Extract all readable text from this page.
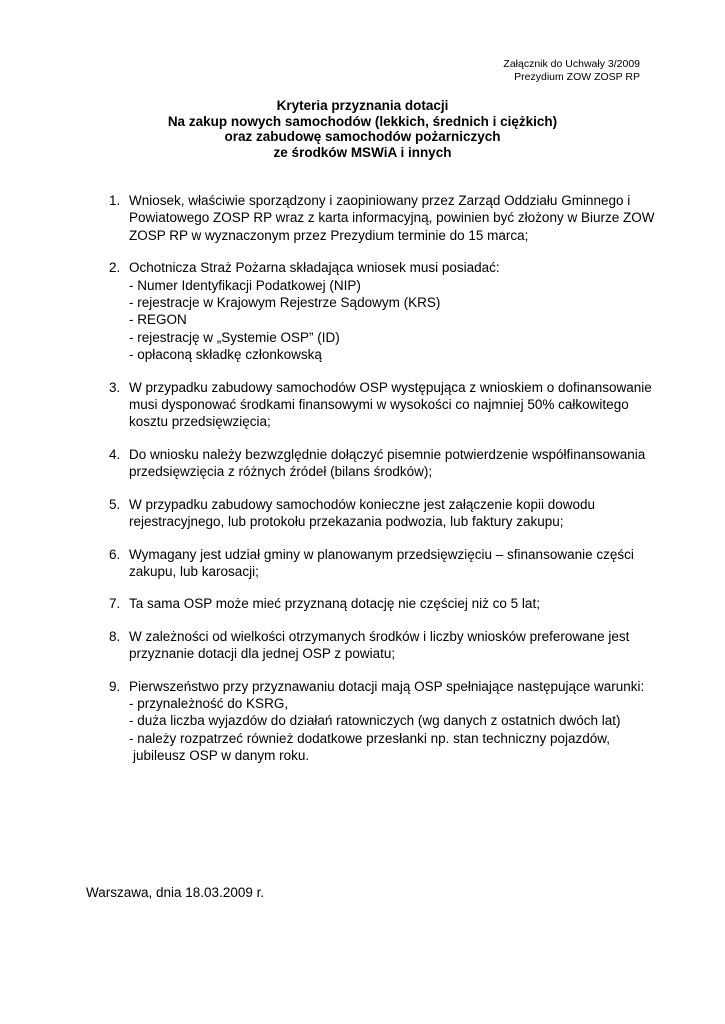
Załącznik do Uchwały 3/2009
Prezydium ZOW ZOSP RP
Kryteria przyznania dotacji
Na zakup nowych samochodów (lekkich, średnich i ciężkich)
oraz zabudowę samochodów pożarniczych
ze środków MSWiA i innych
1. Wniosek, właściwie sporządzony i zaopiniowany przez Zarząd Oddziału Gminnego i
Powiatowego ZOSP RP wraz z karta informacyjną, powinien być złożony w Biurze ZOW
ZOSP RP w wyznaczonym przez Prezydium terminie do 15 marca;
2. Ochotnicza Straż Pożarna składająca wniosek musi posiadać:
- Numer Identyfikacji Podatkowej (NIP)
- rejestracje w Krajowym Rejestrze Sądowym (KRS)
- REGON
- rejestrację w „Systemie OSP” (ID)
- opłaconą składkę członkowską
3. W przypadku zabudowy samochodów OSP występująca z wnioskiem o dofinansowanie
musi dysponować środkami finansowymi w wysokości co najmniej 50% całkowitego
kosztu przedsięwzięcia;
4. Do wniosku należy bezwzględnie dołączyć pisemnie potwierdzenie współfinansowania
przedsięwzięcia z różnych źródeł (bilans środków);
5. W przypadku zabudowy samochodów konieczne jest załączenie kopii dowodu
rejestracyjnego, lub protokołu przekazania podwozia, lub faktury zakupu;
6. Wymagany jest udział gminy w planowanym przedsięwzięciu – sfinansowanie części
zakupu, lub karosacji;
7. Ta sama OSP może mieć przyznaną dotację nie częściej niż co 5 lat;
8. W zależności od wielkości otrzymanych środków i liczby wniosków preferowane jest
przyznanie dotacji dla jednej OSP z powiatu;
9. Pierwszeństwo przy przyznawaniu dotacji mają OSP spełniające następujące warunki:
- przynależność do KSRG,
- duża liczba wyjazdów do działań ratowniczych (wg danych z ostatnich dwóch lat)
- należy rozpatrzeć również dodatkowe przesłanki np. stan techniczny pojazdów,
jubileusz OSP w danym roku.
Warszawa, dnia 18.03.2009 r.
